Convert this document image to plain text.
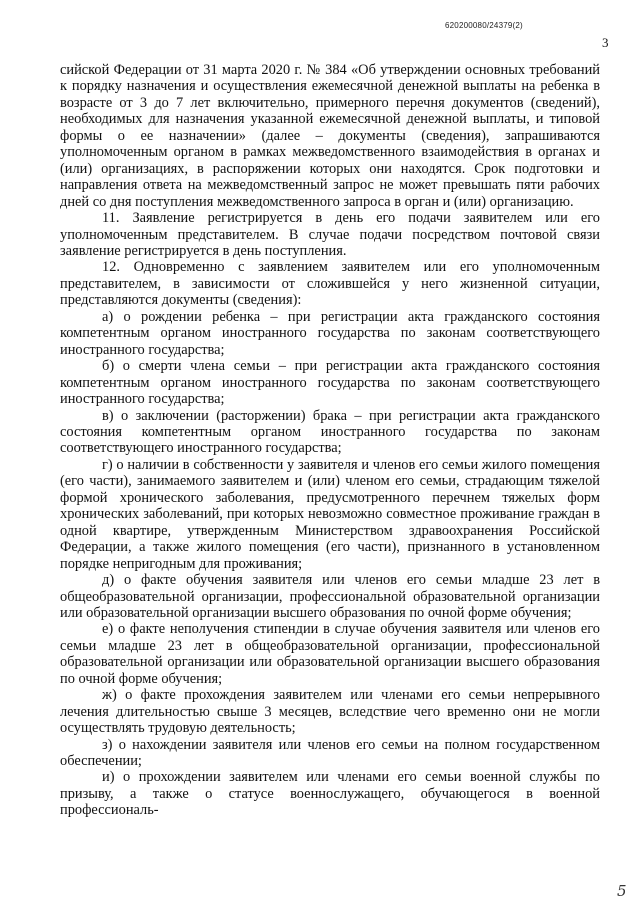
620200080/24379(2)
3

сийской Федерации от 31 марта 2020 г. № 384 «Об утверждении основных требований к порядку назначения и осуществления ежемесячной денежной выплаты на ребенка в возрасте от 3 до 7 лет включительно, примерного перечня документов (сведений), необходимых для назначения указанной ежемесячной денежной выплаты, и типовой формы о ее назначении» (далее – документы (сведения), запрашиваются уполномоченным органом в рамках межведомственного взаимодействия в органах и (или) организациях, в распоряжении которых они находятся. Срок подготовки и направления ответа на межведомственный запрос не может превышать пяти рабочих дней со дня поступления межведомственного запроса в орган и (или) организацию.

11. Заявление регистрируется в день его подачи заявителем или его уполномоченным представителем. В случае подачи посредством почтовой связи заявление регистрируется в день поступления.

12. Одновременно с заявлением заявителем или его уполномоченным представителем, в зависимости от сложившейся у него жизненной ситуации, представляются документы (сведения):

а) о рождении ребенка – при регистрации акта гражданского состояния компетентным органом иностранного государства по законам соответствующего иностранного государства;

б) о смерти члена семьи – при регистрации акта гражданского состояния компетентным органом иностранного государства по законам соответствующего иностранного государства;

в) о заключении (расторжении) брака – при регистрации акта гражданского состояния компетентным органом иностранного государства по законам соответствующего иностранного государства;

г) о наличии в собственности у заявителя и членов его семьи жилого помещения (его части), занимаемого заявителем и (или) членом его семьи, страдающим тяжелой формой хронического заболевания, предусмотренного перечнем тяжелых форм хронических заболеваний, при которых невозможно совместное проживание граждан в одной квартире, утвержденным Министерством здравоохранения Российской Федерации, а также жилого помещения (его части), признанного в установленном порядке непригодным для проживания;

д) о факте обучения заявителя или членов его семьи младше 23 лет в общеобразовательной организации, профессиональной образовательной организации или образовательной организации высшего образования по очной форме обучения;

е) о факте неполучения стипендии в случае обучения заявителя или членов его семьи младше 23 лет в общеобразовательной организации, профессиональной образовательной организации или образовательной организации высшего образования по очной форме обучения;

ж) о факте прохождения заявителем или членами его семьи непрерывного лечения длительностью свыше 3 месяцев, вследствие чего временно они не могли осуществлять трудовую деятельность;

з) о нахождении заявителя или членов его семьи на полном государственном обеспечении;

и) о прохождении заявителем или членами его семьи военной службы по призыву, а также о статусе военнослужащего, обучающегося в военной профессиональ-

5
